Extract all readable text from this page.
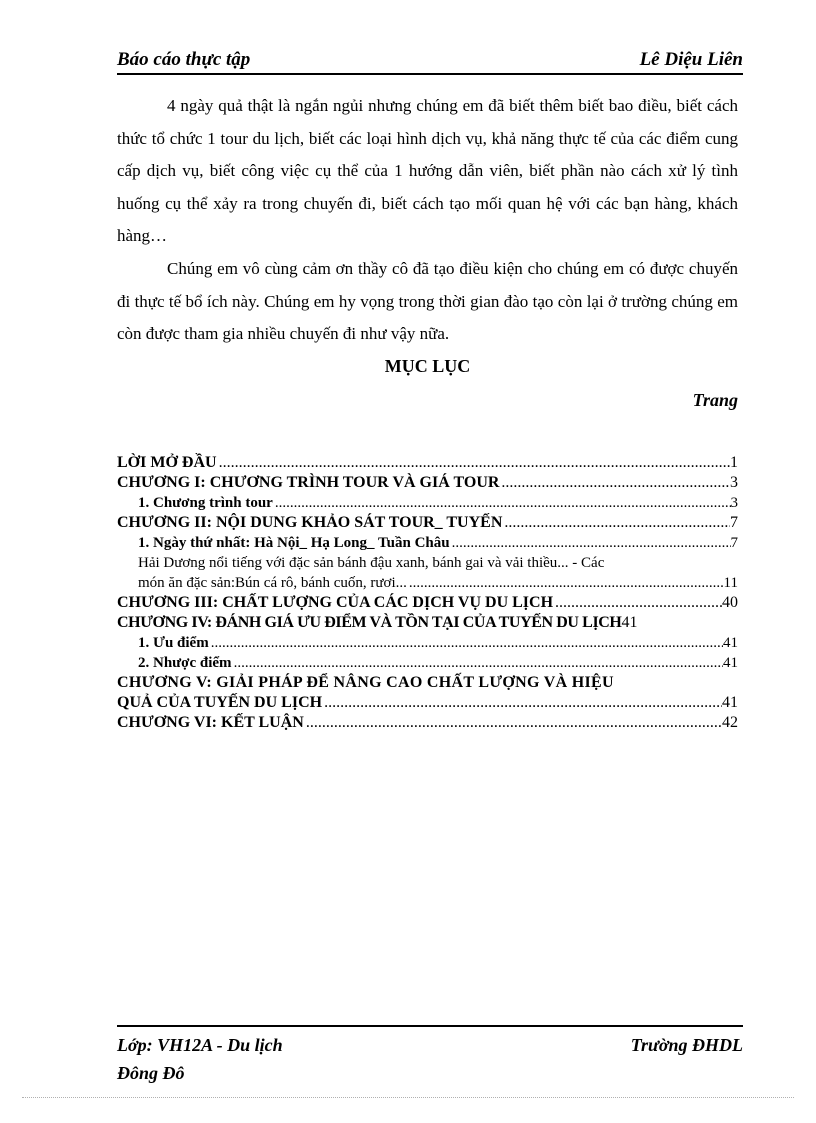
Báo cáo thực tập	Lê Diệu Liên

4 ngày quả thật là ngắn ngủi nhưng chúng em đã biết thêm biết bao điều, biết cách thức tổ chức 1 tour du lịch, biết các loại hình dịch vụ, khả năng thực tế của các điểm cung cấp dịch vụ, biết công việc cụ thể của 1 hướng dẫn viên, biết phần nào cách xử lý tình huống cụ thể xảy ra trong chuyến đi, biết cách tạo mối quan hệ với các bạn hàng, khách hàng…

Chúng em vô cùng cảm ơn thầy cô đã tạo điều kiện cho chúng em có được chuyến đi thực tế bổ ích này. Chúng em hy vọng trong thời gian đào tạo còn lại ở trường chúng em còn được tham gia nhiều chuyến đi như vậy nữa.

MỤC LỤC
Trang
LỜI MỞ ĐẦU .....	1
CHƯƠNG I: CHƯƠNG TRÌNH TOUR VÀ GIÁ TOUR .....	3
1. Chương trình tour .....	3
CHƯƠNG II: NỘI DUNG KHẢO SÁT TOUR_ TUYẾN .....	7
1. Ngày thứ nhất: Hà Nội_ Hạ Long_ Tuần Châu .....	7
Hải Dương nổi tiếng với đặc sản bánh đậu xanh, bánh gai và vải thiều... - Các
món ăn đặc sản:Bún cá rô, bánh cuốn, rươi... .....	11
CHƯƠNG III: CHẤT LƯỢNG CỦA CÁC DỊCH VỤ DU LỊCH .....	40
CHƯƠNG IV: ĐÁNH GIÁ ƯU ĐIỂM VÀ TỒN TẠI CỦA TUYẾN DU LỊCH 41
1. Ưu điểm .....	41
2. Nhược điểm .....	41
CHƯƠNG V: GIẢI PHÁP ĐỂ NÂNG CAO CHẤT LƯỢNG VÀ HIỆU
QUẢ CỦA TUYẾN DU LỊCH .....	41
CHƯƠNG VI: KẾT LUẬN .....	42
Lớp: VH12A - Du lịch	Trường ĐHDL
Đông Đô
